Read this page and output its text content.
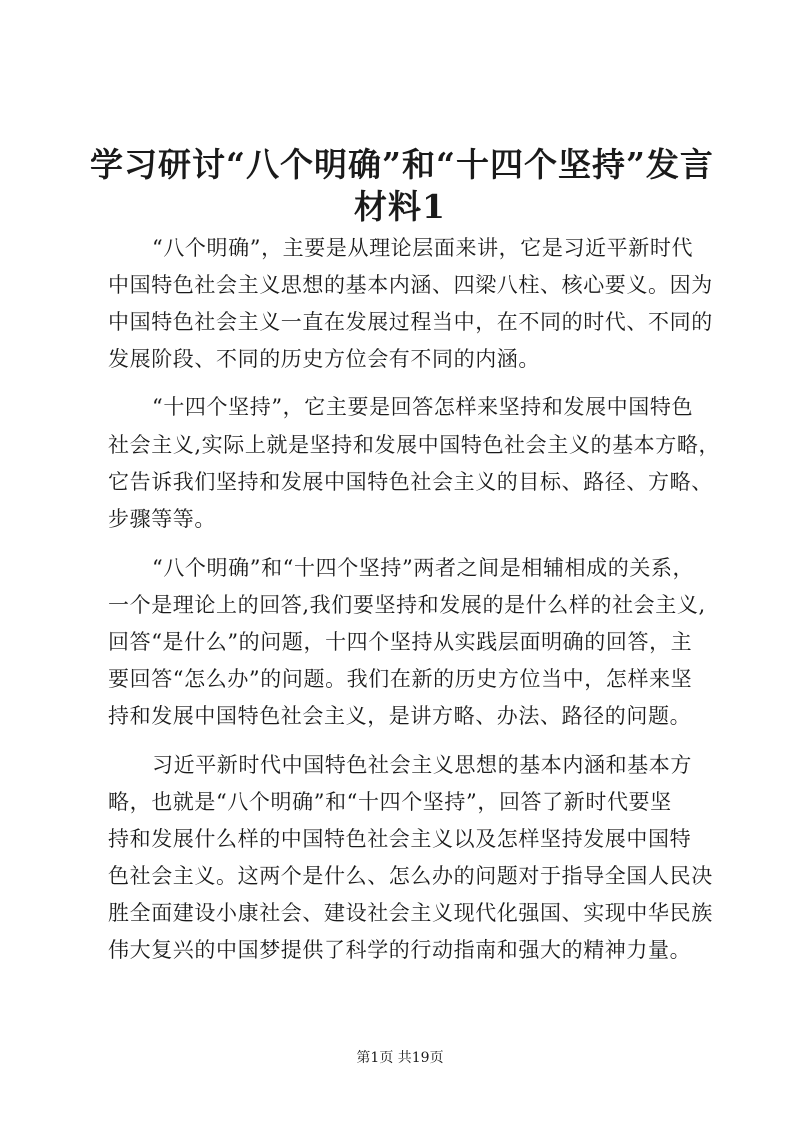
学习研讨“八个明确”和“十四个坚持”发言
材料1
“八个明确”，主要是从理论层面来讲，它是习近平新时代
中国特色社会主义思想的基本内涵、四梁八柱、核心要义。因为
中国特色社会主义一直在发展过程当中，在不同的时代、不同的
发展阶段、不同的历史方位会有不同的内涵。
“十四个坚持”，它主要是回答怎样来坚持和发展中国特色
社会主义,实际上就是坚持和发展中国特色社会主义的基本方略，
它告诉我们坚持和发展中国特色社会主义的目标、路径、方略、
步骤等等。
“八个明确”和“十四个坚持”两者之间是相辅相成的关系，
一个是理论上的回答,我们要坚持和发展的是什么样的社会主义,
回答“是什么”的问题，十四个坚持从实践层面明确的回答，主
要回答“怎么办”的问题。我们在新的历史方位当中，怎样来坚
持和发展中国特色社会主义，是讲方略、办法、路径的问题。
习近平新时代中国特色社会主义思想的基本内涵和基本方
略，也就是“八个明确”和“十四个坚持”，回答了新时代要坚
持和发展什么样的中国特色社会主义以及怎样坚持发展中国特
色社会主义。这两个是什么、怎么办的问题对于指导全国人民决
胜全面建设小康社会、建设社会主义现代化强国、实现中华民族
伟大复兴的中国梦提供了科学的行动指南和强大的精神力量。
第1页 共19页
